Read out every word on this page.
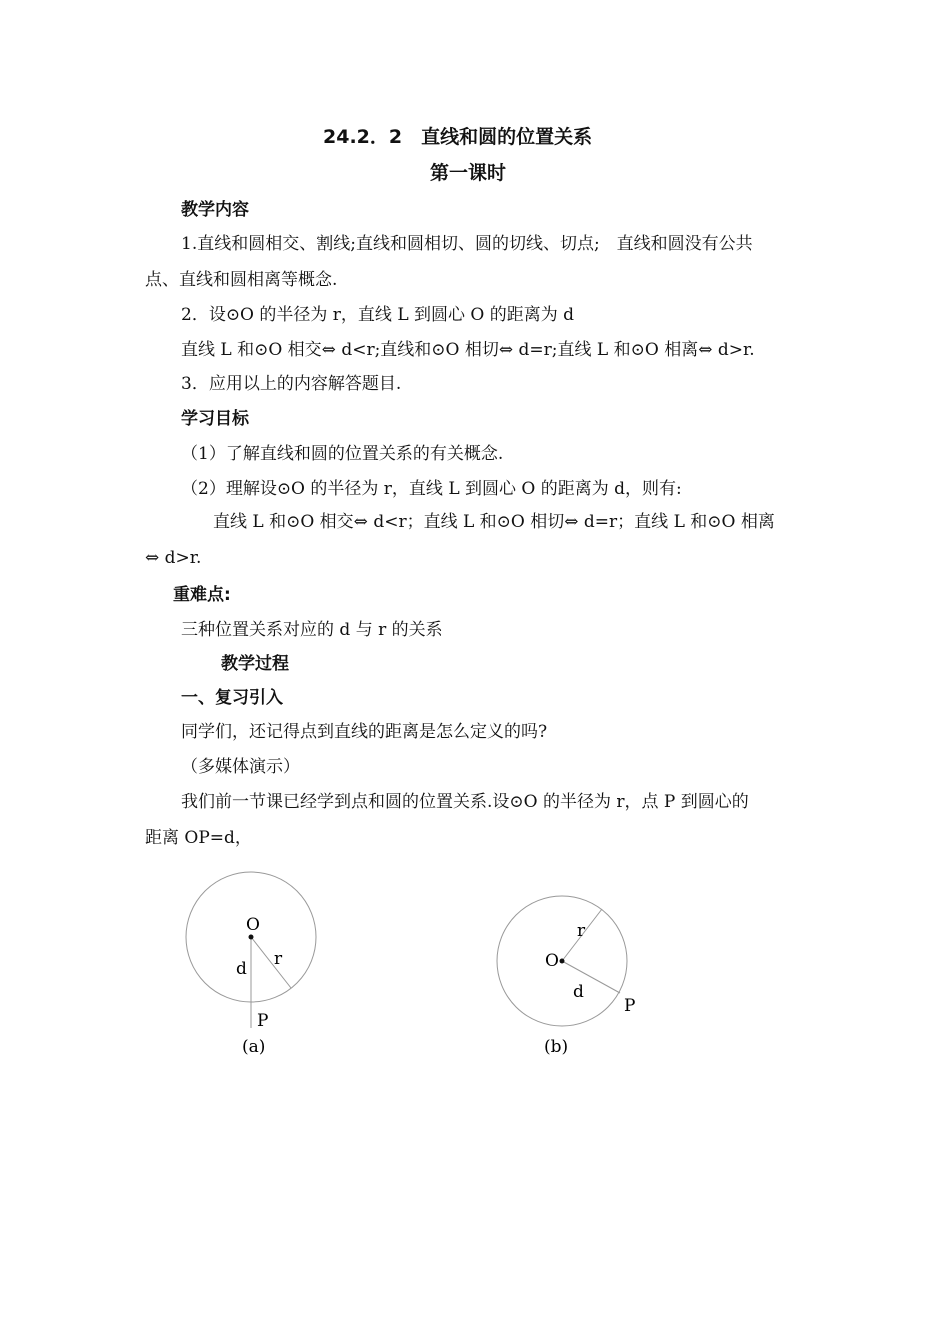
24.2．2　直线和圆的位置关系
第一课时
教学内容
1.直线和圆相交、割线;直线和圆相切、圆的切线、切点;　直线和圆没有公共
点、直线和圆相离等概念.
2．设⊙O 的半径为 r，直线 L 到圆心 O 的距离为 d
直线 L 和⊙O 相交⇔ d<r;直线和⊙O 相切⇔ d=r;直线 L 和⊙O 相离⇔ d>r.
3．应用以上的内容解答题目.
学习目标
（1）了解直线和圆的位置关系的有关概念.
（2）理解设⊙O 的半径为 r，直线 L 到圆心 O 的距离为 d，则有:
直线 L 和⊙O 相交⇔ d<r；直线 L 和⊙O 相切⇔ d=r；直线 L 和⊙O 相离
⇔ d>r.
重难点:
三种位置关系对应的 d 与 r 的关系
教学过程
一、复习引入
同学们，还记得点到直线的距离是怎么定义的吗?
（多媒体演示）
我们前一节课已经学到点和圆的位置关系.设⊙O 的半径为 r，点 P 到圆心的
距离 OP=d，
O
d r
P
(a)
O
r
d
P
(b)
